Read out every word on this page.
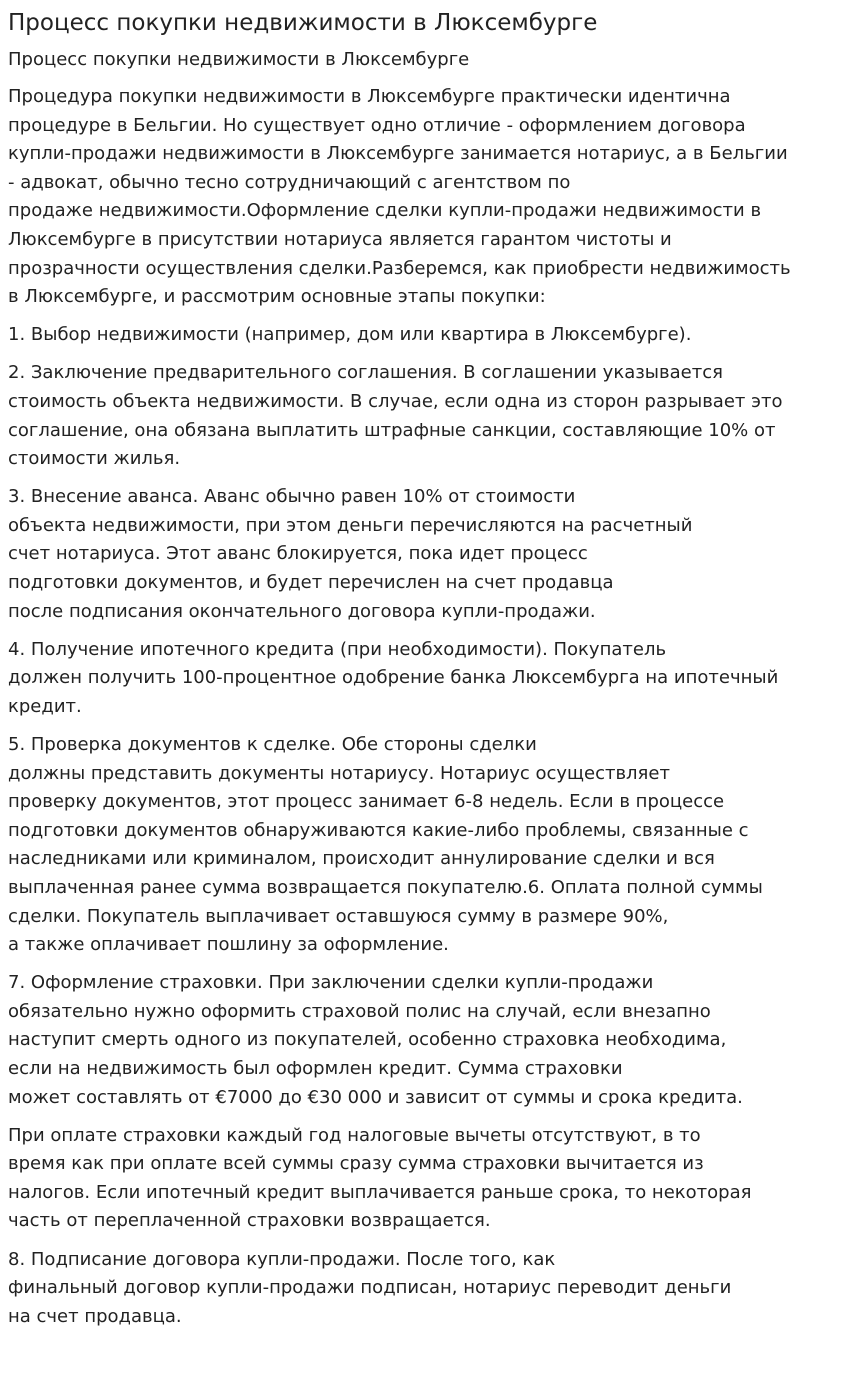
Процесс покупки недвижимости в Люксембурге
Процесс покупки недвижимости в Люксембурге

Процедура покупки недвижимости в Люксембурге практически идентична
процедуре в Бельгии. Но существует одно отличие - оформлением договора
купли-продажи недвижимости в Люксембурге занимается нотариус, а в Бельгии
- адвокат, обычно тесно сотрудничающий с агентством по
продаже недвижимости.Оформление сделки купли-продажи недвижимости в
Люксембурге в присутствии нотариуса является гарантом чистоты и
прозрачности осуществления сделки.Разберемся, как приобрести недвижимость
в Люксембурге, и рассмотрим основные этапы покупки:

1. Выбор недвижимости (например, дом или квартира в Люксембурге).

2. Заключение предварительного соглашения. В соглашении указывается
стоимость объекта недвижимости. В случае, если одна из сторон разрывает это
соглашение, она обязана выплатить штрафные санкции, составляющие 10% от
стоимости жилья.

3. Внесение аванса. Аванс обычно равен 10% от стоимости
объекта недвижимости, при этом деньги перечисляются на расчетный
счет нотариуса. Этот аванс блокируется, пока идет процесс
подготовки документов, и будет перечислен на счет продавца
после подписания окончательного договора купли-продажи.

4. Получение ипотечного кредита (при необходимости). Покупатель
должен получить 100-процентное одобрение банка Люксембурга на ипотечный
кредит.

5. Проверка документов к сделке. Обе стороны сделки
должны представить документы нотариусу. Нотариус осуществляет
проверку документов, этот процесс занимает 6-8 недель. Если в процессе
подготовки документов обнаруживаются какие-либо проблемы, связанные с
наследниками или криминалом, происходит аннулирование сделки и вся
выплаченная ранее сумма возвращается покупателю.6. Оплата полной суммы
сделки. Покупатель выплачивает оставшуюся сумму в размере 90%,
а также оплачивает пошлину за оформление.

7. Оформление страховки. При заключении сделки купли-продажи
обязательно нужно оформить страховой полис на случай, если внезапно
наступит смерть одного из покупателей, особенно страховка необходима,
если на недвижимость был оформлен кредит. Сумма страховки
может составлять от €7000 до €30 000 и зависит от суммы и срока кредита.

При оплате страховки каждый год налоговые вычеты отсутствуют, в то
время как при оплате всей суммы сразу сумма страховки вычитается из
налогов. Если ипотечный кредит выплачивается раньше срока, то некоторая
часть от переплаченной страховки возвращается.

8. Подписание договора купли-продажи. После того, как
финальный договор купли-продажи подписан, нотариус переводит деньги
на счет продавца.
